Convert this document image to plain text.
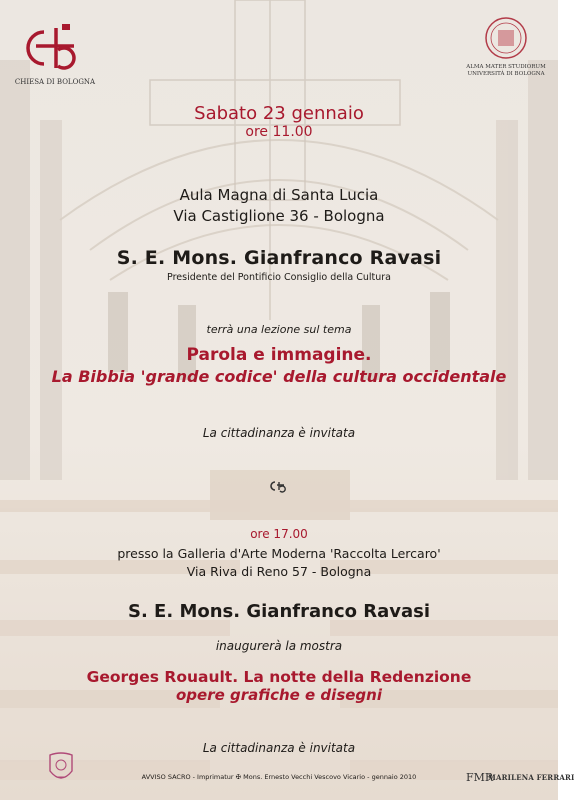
CHIESA DI BOLOGNA
ALMA MATER STUDIORUM
UNIVERSITÀ DI BOLOGNA
Sabato 23 gennaio
ore 11.00
Aula Magna di Santa Lucia
Via Castiglione 36 - Bologna
S. E. Mons. Gianfranco Ravasi
Presidente del Pontificio Consiglio della Cultura
terrà una lezione sul tema
Parola e immagine.
La Bibbia 'grande codice' della cultura occidentale
La cittadinanza è invitata
ore 17.00
presso la Galleria d'Arte Moderna 'Raccolta Lercaro'
Via Riva di Reno 57 - Bologna
S. E. Mons. Gianfranco Ravasi
inaugurerà la mostra
Georges Rouault. La notte della Redenzione
opere grafiche e disegni
La cittadinanza è invitata
AVVISO SACRO - Imprimatur ✠ Mons. Ernesto Vecchi Vescovo Vicario - gennaio 2010	FMR
MARILENA FERRARI
